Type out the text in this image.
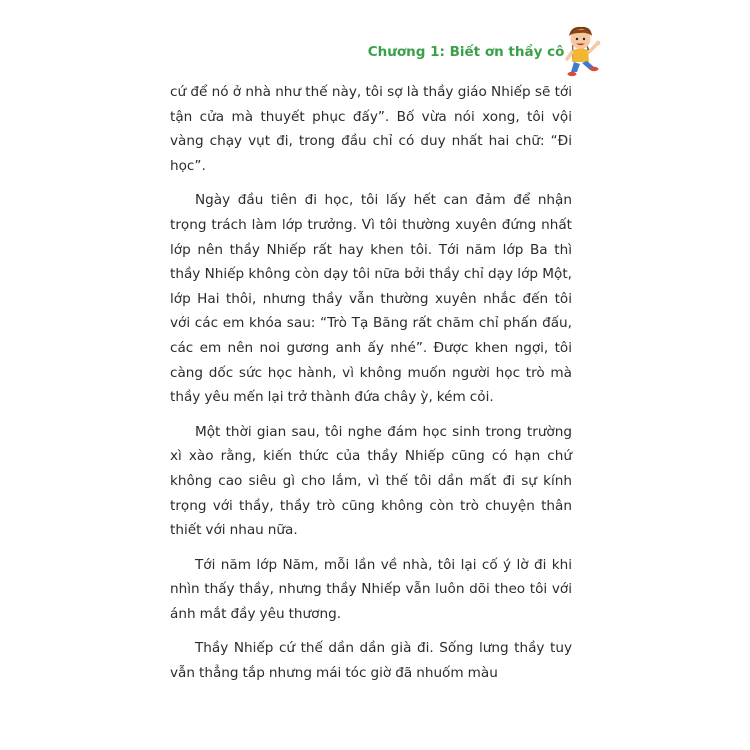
Chương 1: Biết ơn thầy cô

cứ để nó ở nhà như thế này, tôi sợ là thầy giáo Nhiếp sẽ tới tận cửa mà thuyết phục đấy”. Bố vừa nói xong, tôi vội vàng chạy vụt đi, trong đầu chỉ có duy nhất hai chữ: “Đi học”.

Ngày đầu tiên đi học, tôi lấy hết can đảm để nhận trọng trách làm lớp trưởng. Vì tôi thường xuyên đứng nhất lớp nên thầy Nhiếp rất hay khen tôi. Tới năm lớp Ba thì thầy Nhiếp không còn dạy tôi nữa bởi thầy chỉ dạy lớp Một, lớp Hai thôi, nhưng thầy vẫn thường xuyên nhắc đến tôi với các em khóa sau: “Trò Tạ Băng rất chăm chỉ phấn đấu, các em nên noi gương anh ấy nhé”. Được khen ngợi, tôi càng dốc sức học hành, vì không muốn người học trò mà thầy yêu mến lại trở thành đứa chây ỳ, kém cỏi.

Một thời gian sau, tôi nghe đám học sinh trong trường xì xào rằng, kiến thức của thầy Nhiếp cũng có hạn chứ không cao siêu gì cho lắm, vì thế tôi dần mất đi sự kính trọng với thầy, thầy trò cũng không còn trò chuyện thân thiết với nhau nữa.

Tới năm lớp Năm, mỗi lần về nhà, tôi lại cố ý lờ đi khi nhìn thấy thầy, nhưng thầy Nhiếp vẫn luôn dõi theo tôi với ánh mắt đầy yêu thương.

Thầy Nhiếp cứ thế dần dần già đi. Sống lưng thầy tuy vẫn thẳng tắp nhưng mái tóc giờ đã nhuốm màu
